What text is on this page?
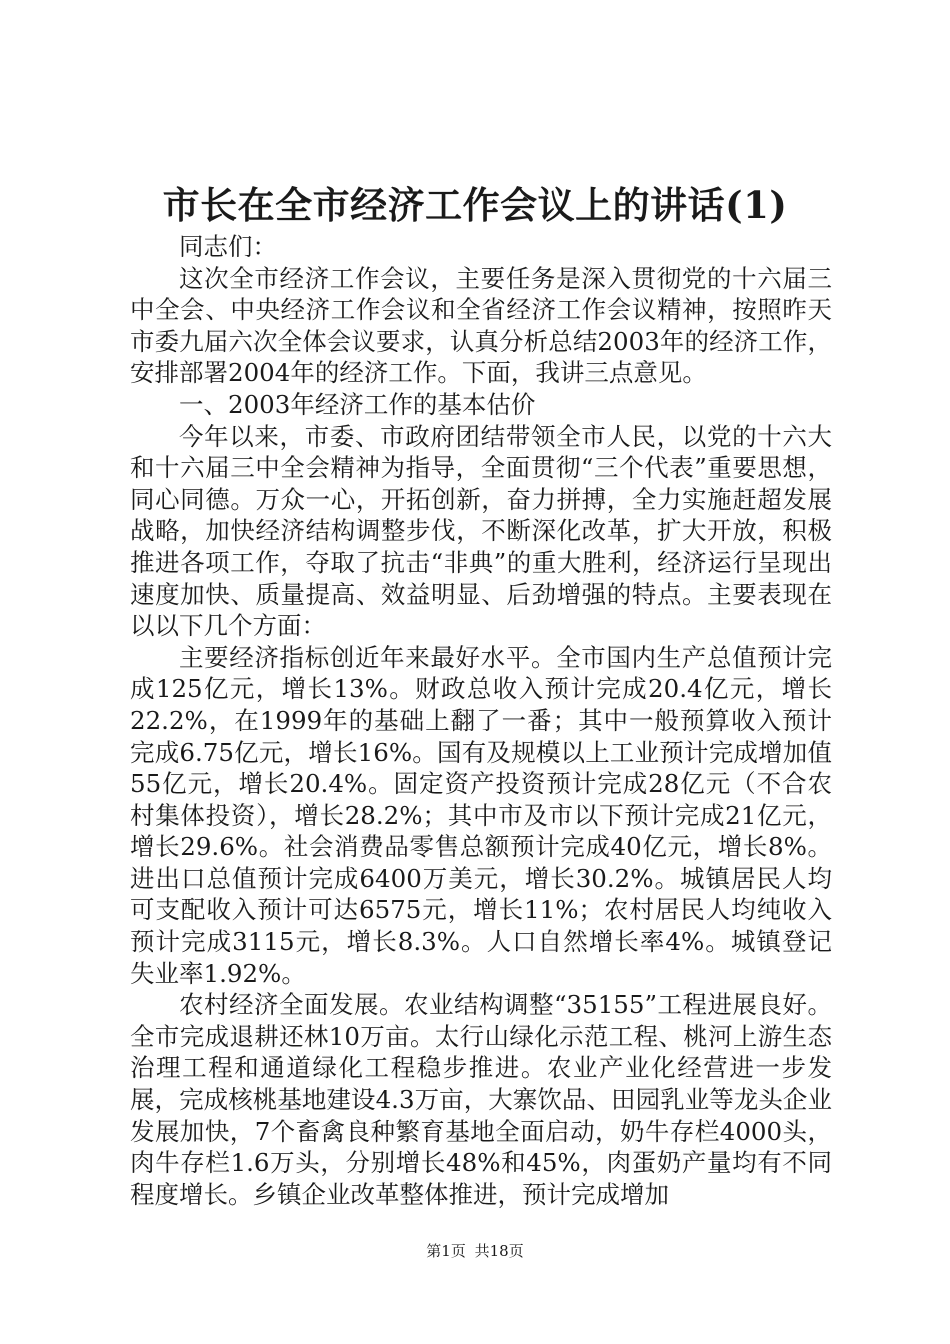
市长在全市经济工作会议上的讲话(1)

同志们：

这次全市经济工作会议，主要任务是深入贯彻党的十六届三中全会、中央经济工作会议和全省经济工作会议精神，按照昨天市委九届六次全体会议要求，认真分析总结2003年的经济工作，安排部署2004年的经济工作。下面，我讲三点意见。

一、2003年经济工作的基本估价

今年以来，市委、市政府团结带领全市人民，以党的十六大和十六届三中全会精神为指导，全面贯彻“三个代表”重要思想，同心同德。万众一心，开拓创新，奋力拼搏，全力实施赶超发展战略，加快经济结构调整步伐，不断深化改革，扩大开放，积极推进各项工作，夺取了抗击“非典”的重大胜利，经济运行呈现出速度加快、质量提高、效益明显、后劲增强的特点。主要表现在以以下几个方面：

主要经济指标创近年来最好水平。全市国内生产总值预计完成125亿元，增长13%。财政总收入预计完成20.4亿元，增长22.2%，在1999年的基础上翻了一番；其中一般预算收入预计完成6.75亿元，增长16%。国有及规模以上工业预计完成增加值55亿元，增长20.4%。固定资产投资预计完成28亿元（不合农村集体投资），增长28.2%；其中市及市以下预计完成21亿元，增长29.6%。社会消费品零售总额预计完成40亿元，增长8%。进出口总值预计完成6400万美元，增长30.2%。城镇居民人均可支配收入预计可达6575元，增长11%；农村居民人均纯收入预计完成3115元，增长8.3%。人口自然增长率4%。城镇登记失业率1.92%。

农村经济全面发展。农业结构调整“35155”工程进展良好。全市完成退耕还林10万亩。太行山绿化示范工程、桃河上游生态治理工程和通道绿化工程稳步推进。农业产业化经营进一步发展，完成核桃基地建设4.3万亩，大寨饮品、田园乳业等龙头企业发展加快，7个畜禽良种繁育基地全面启动，奶牛存栏4000头，肉牛存栏1.6万头，分别增长48%和45%，肉蛋奶产量均有不同程度增长。乡镇企业改革整体推进，预计完成增加

第1页 共18页
